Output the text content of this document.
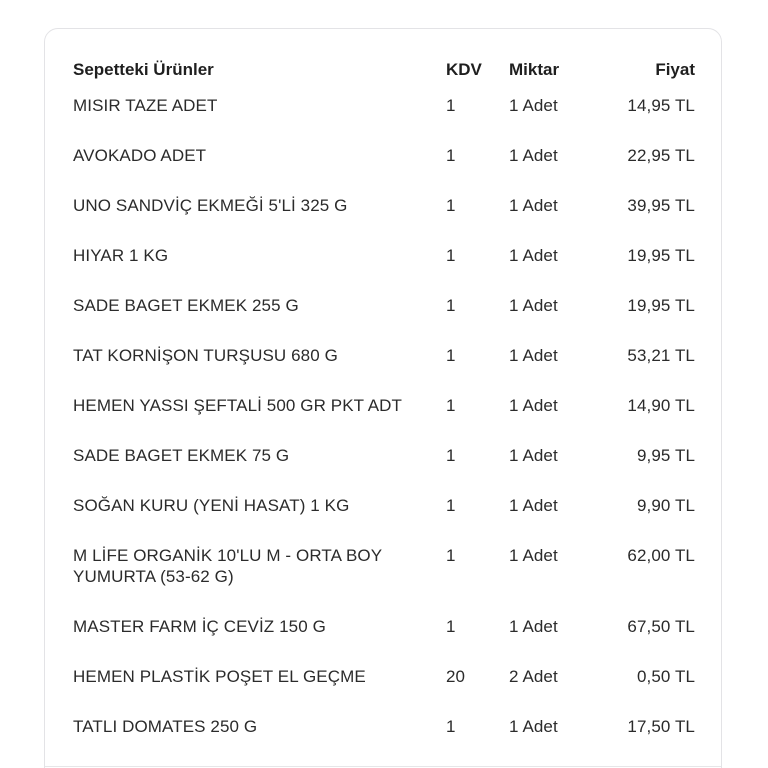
Sepetteki Ürünler	KDV	Miktar	Fiyat
MISIR TAZE ADET	1	1 Adet	14,95 TL
AVOKADO ADET	1	1 Adet	22,95 TL
UNO SANDVİÇ EKMEĞİ 5'Lİ 325 G	1	1 Adet	39,95 TL
HIYAR 1 KG	1	1 Adet	19,95 TL
SADE BAGET EKMEK 255 G	1	1 Adet	19,95 TL
TAT KORNİŞON TURŞUSU 680 G	1	1 Adet	53,21 TL
HEMEN YASSI ŞEFTALİ 500 GR PKT ADT	1	1 Adet	14,90 TL
SADE BAGET EKMEK 75 G	1	1 Adet	9,95 TL
SOĞAN KURU (YENİ HASAT) 1 KG	1	1 Adet	9,90 TL
M LİFE ORGANİK 10'LU M - ORTA BOY YUMURTA (53-62 G)	1	1 Adet	62,00 TL
MASTER FARM İÇ CEVİZ 150 G	1	1 Adet	67,50 TL
HEMEN PLASTİK POŞET EL GEÇME	20	2 Adet	0,50 TL
TATLI DOMATES 250 G	1	1 Adet	17,50 TL
